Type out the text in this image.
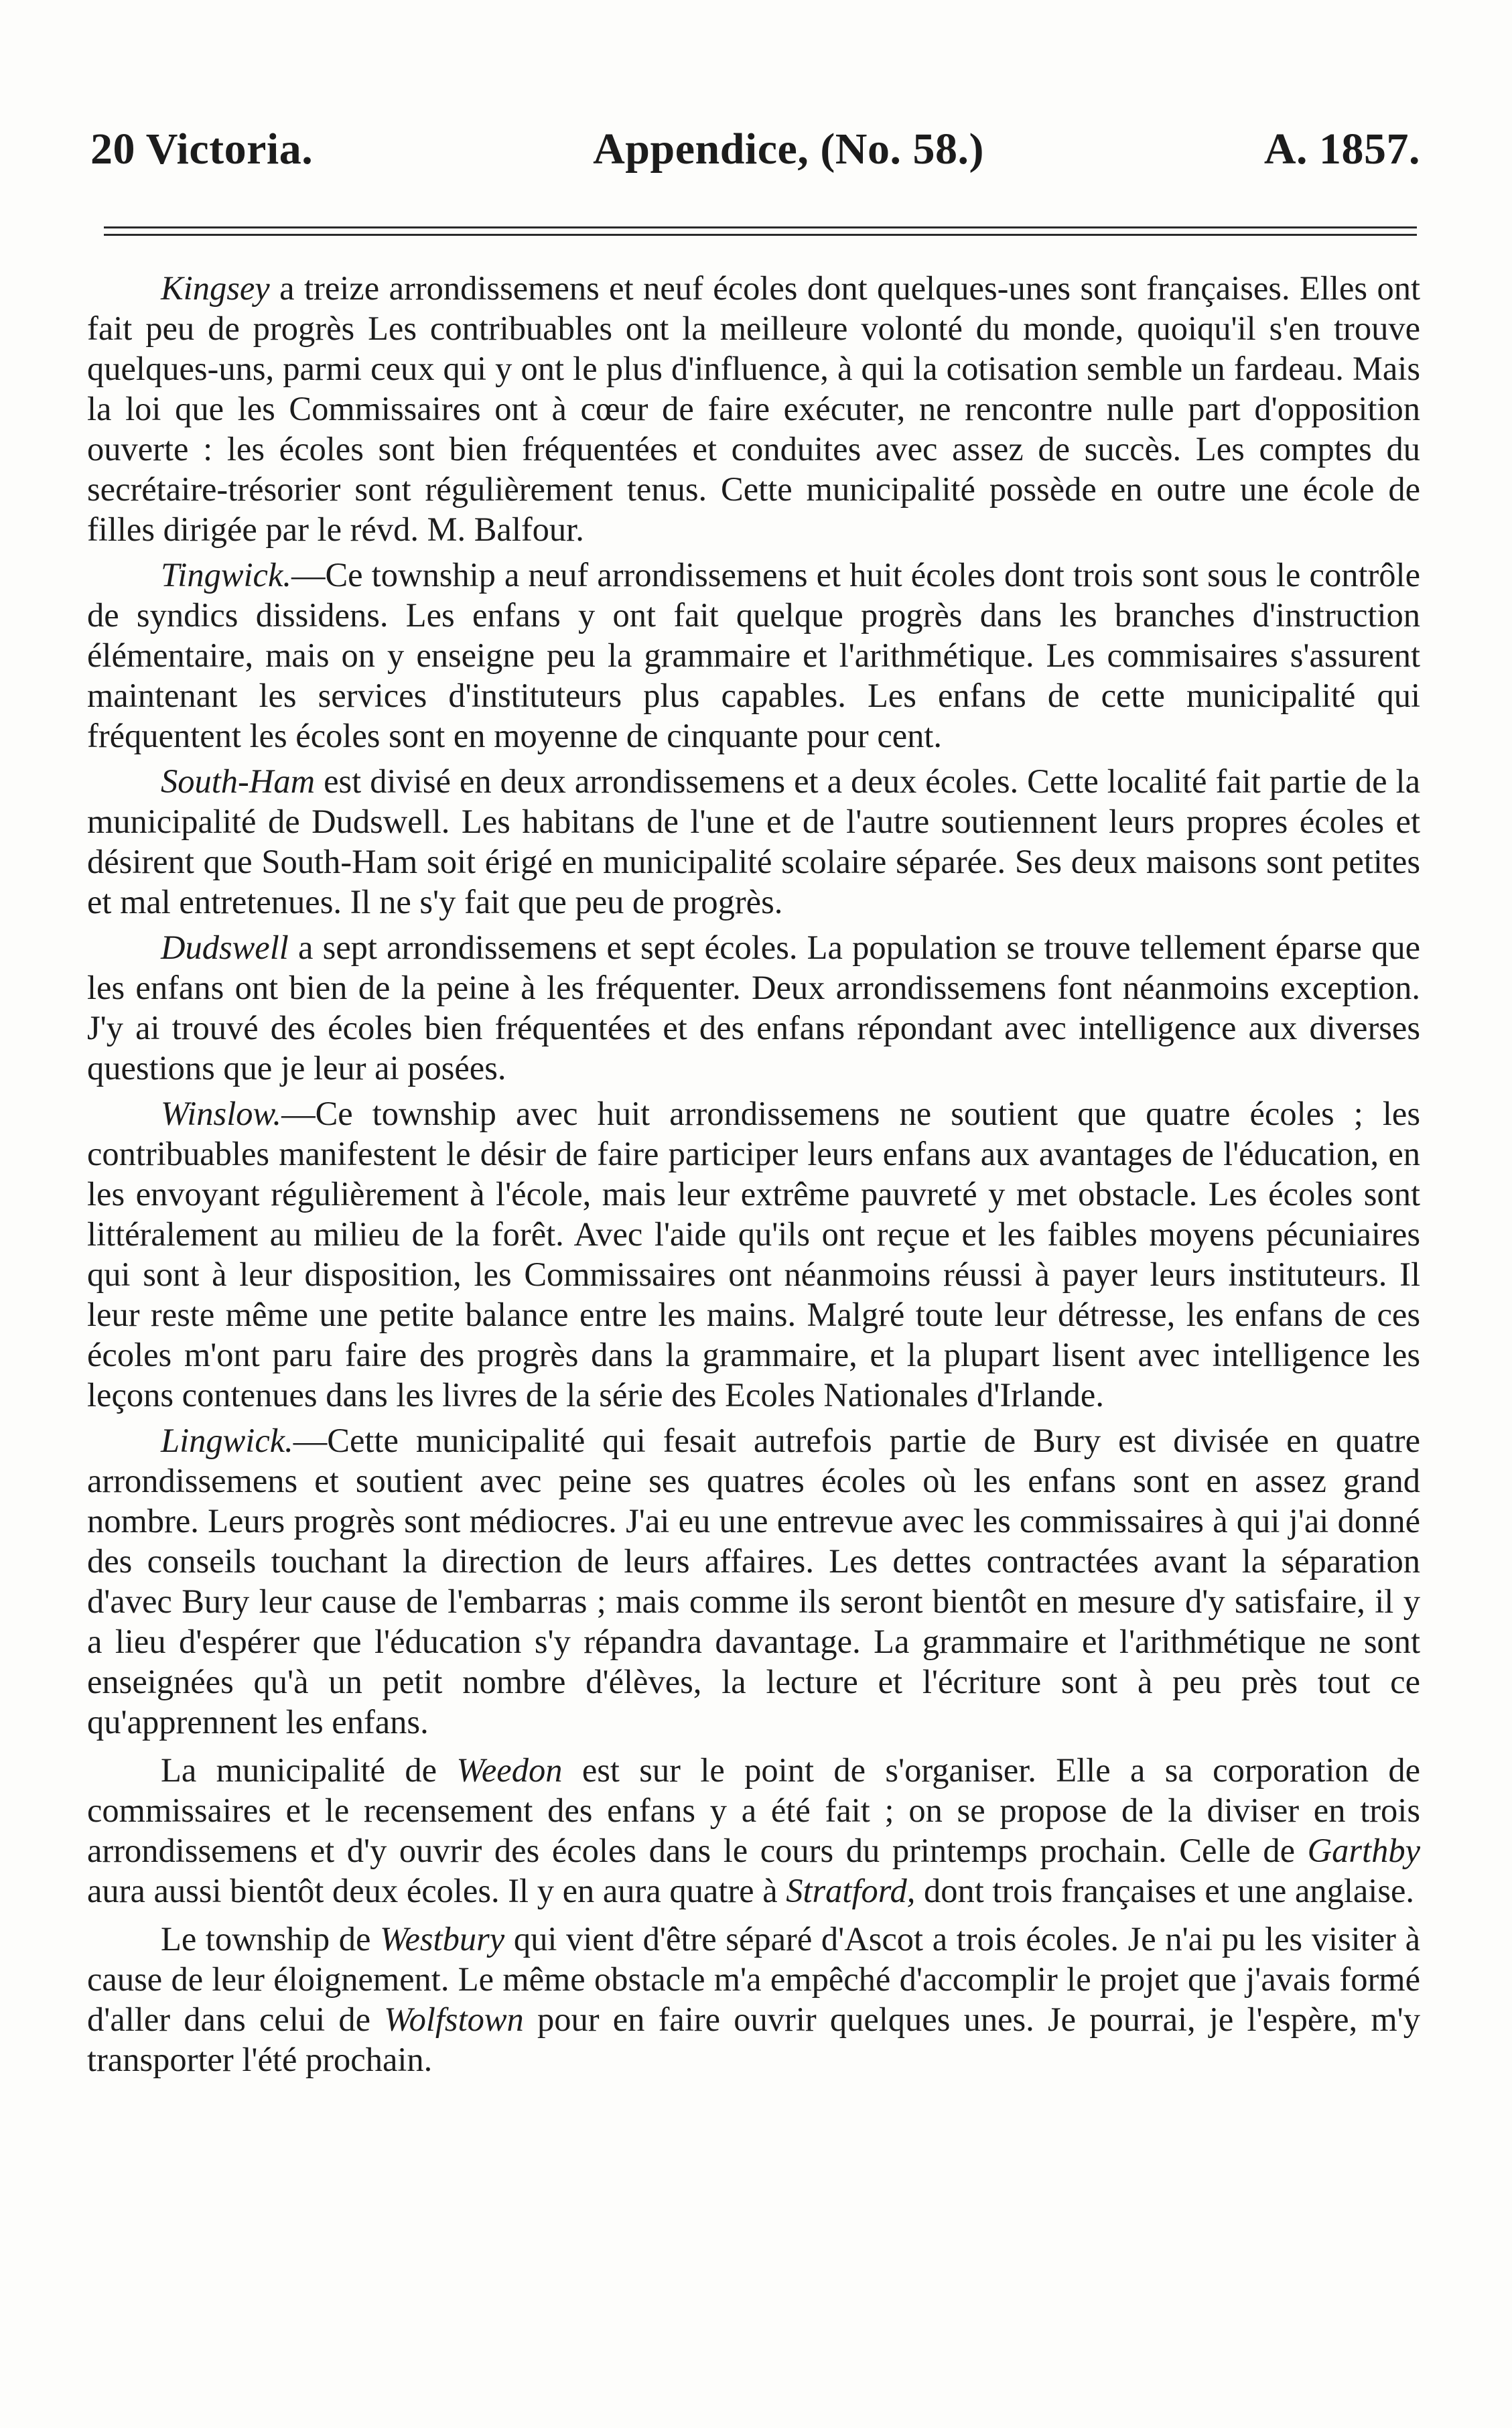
20 Victoria.	Appendice, (No. 58.)	A. 1857.

Kingsey a treize arrondissemens et neuf écoles dont quelques-unes sont françaises. Elles ont fait peu de progrès Les contribuables ont la meilleure volonté du monde, quoiqu'il s'en trouve quelques-uns, parmi ceux qui y ont le plus d'influence, à qui la cotisation semble un fardeau. Mais la loi que les Commissaires ont à cœur de faire exécuter, ne rencontre nulle part d'opposition ouverte : les écoles sont bien fréquentées et conduites avec assez de succès. Les comptes du secrétaire-trésorier sont régulièrement tenus. Cette municipalité possède en outre une école de filles dirigée par le révd. M. Balfour.

Tingwick.—Ce township a neuf arrondissemens et huit écoles dont trois sont sous le contrôle de syndics dissidens. Les enfans y ont fait quelque progrès dans les branches d'instruction élémentaire, mais on y enseigne peu la grammaire et l'arithmétique. Les commisaires s'assurent maintenant les services d'instituteurs plus capables. Les enfans de cette municipalité qui fréquentent les écoles sont en moyenne de cinquante pour cent.

South-Ham est divisé en deux arrondissemens et a deux écoles. Cette localité fait partie de la municipalité de Dudswell. Les habitans de l'une et de l'autre soutiennent leurs propres écoles et désirent que South-Ham soit érigé en municipalité scolaire séparée. Ses deux maisons sont petites et mal entretenues. Il ne s'y fait que peu de progrès.

Dudswell a sept arrondissemens et sept écoles. La population se trouve tellement éparse que les enfans ont bien de la peine à les fréquenter. Deux arrondissemens font néanmoins exception. J'y ai trouvé des écoles bien fréquentées et des enfans répondant avec intelligence aux diverses questions que je leur ai posées.

Winslow.—Ce township avec huit arrondissemens ne soutient que quatre écoles ; les contribuables manifestent le désir de faire participer leurs enfans aux avantages de l'éducation, en les envoyant régulièrement à l'école, mais leur extrême pauvreté y met obstacle. Les écoles sont littéralement au milieu de la forêt. Avec l'aide qu'ils ont reçue et les faibles moyens pécuniaires qui sont à leur disposition, les Commissaires ont néanmoins réussi à payer leurs instituteurs. Il leur reste même une petite balance entre les mains. Malgré toute leur détresse, les enfans de ces écoles m'ont paru faire des progrès dans la grammaire, et la plupart lisent avec intelligence les leçons contenues dans les livres de la série des Ecoles Nationales d'Irlande.

Lingwick.—Cette municipalité qui fesait autrefois partie de Bury est divisée en quatre arrondissemens et soutient avec peine ses quatres écoles où les enfans sont en assez grand nombre. Leurs progrès sont médiocres. J'ai eu une entrevue avec les commissaires à qui j'ai donné des conseils touchant la direction de leurs affaires. Les dettes contractées avant la séparation d'avec Bury leur cause de l'embarras ; mais comme ils seront bientôt en mesure d'y satisfaire, il y a lieu d'espérer que l'éducation s'y répandra davantage. La grammaire et l'arithmétique ne sont enseignées qu'à un petit nombre d'élèves, la lecture et l'écriture sont à peu près tout ce qu'apprennent les enfans.

La municipalité de Weedon est sur le point de s'organiser. Elle a sa corporation de commissaires et le recensement des enfans y a été fait ; on se propose de la diviser en trois arrondissemens et d'y ouvrir des écoles dans le cours du printemps prochain. Celle de Garthby aura aussi bientôt deux écoles. Il y en aura quatre à Stratford, dont trois françaises et une anglaise.

Le township de Westbury qui vient d'être séparé d'Ascot a trois écoles. Je n'ai pu les visiter à cause de leur éloignement. Le même obstacle m'a empêché d'accomplir le projet que j'avais formé d'aller dans celui de Wolfstown pour en faire ouvrir quelques unes. Je pourrai, je l'espère, m'y transporter l'été prochain.
